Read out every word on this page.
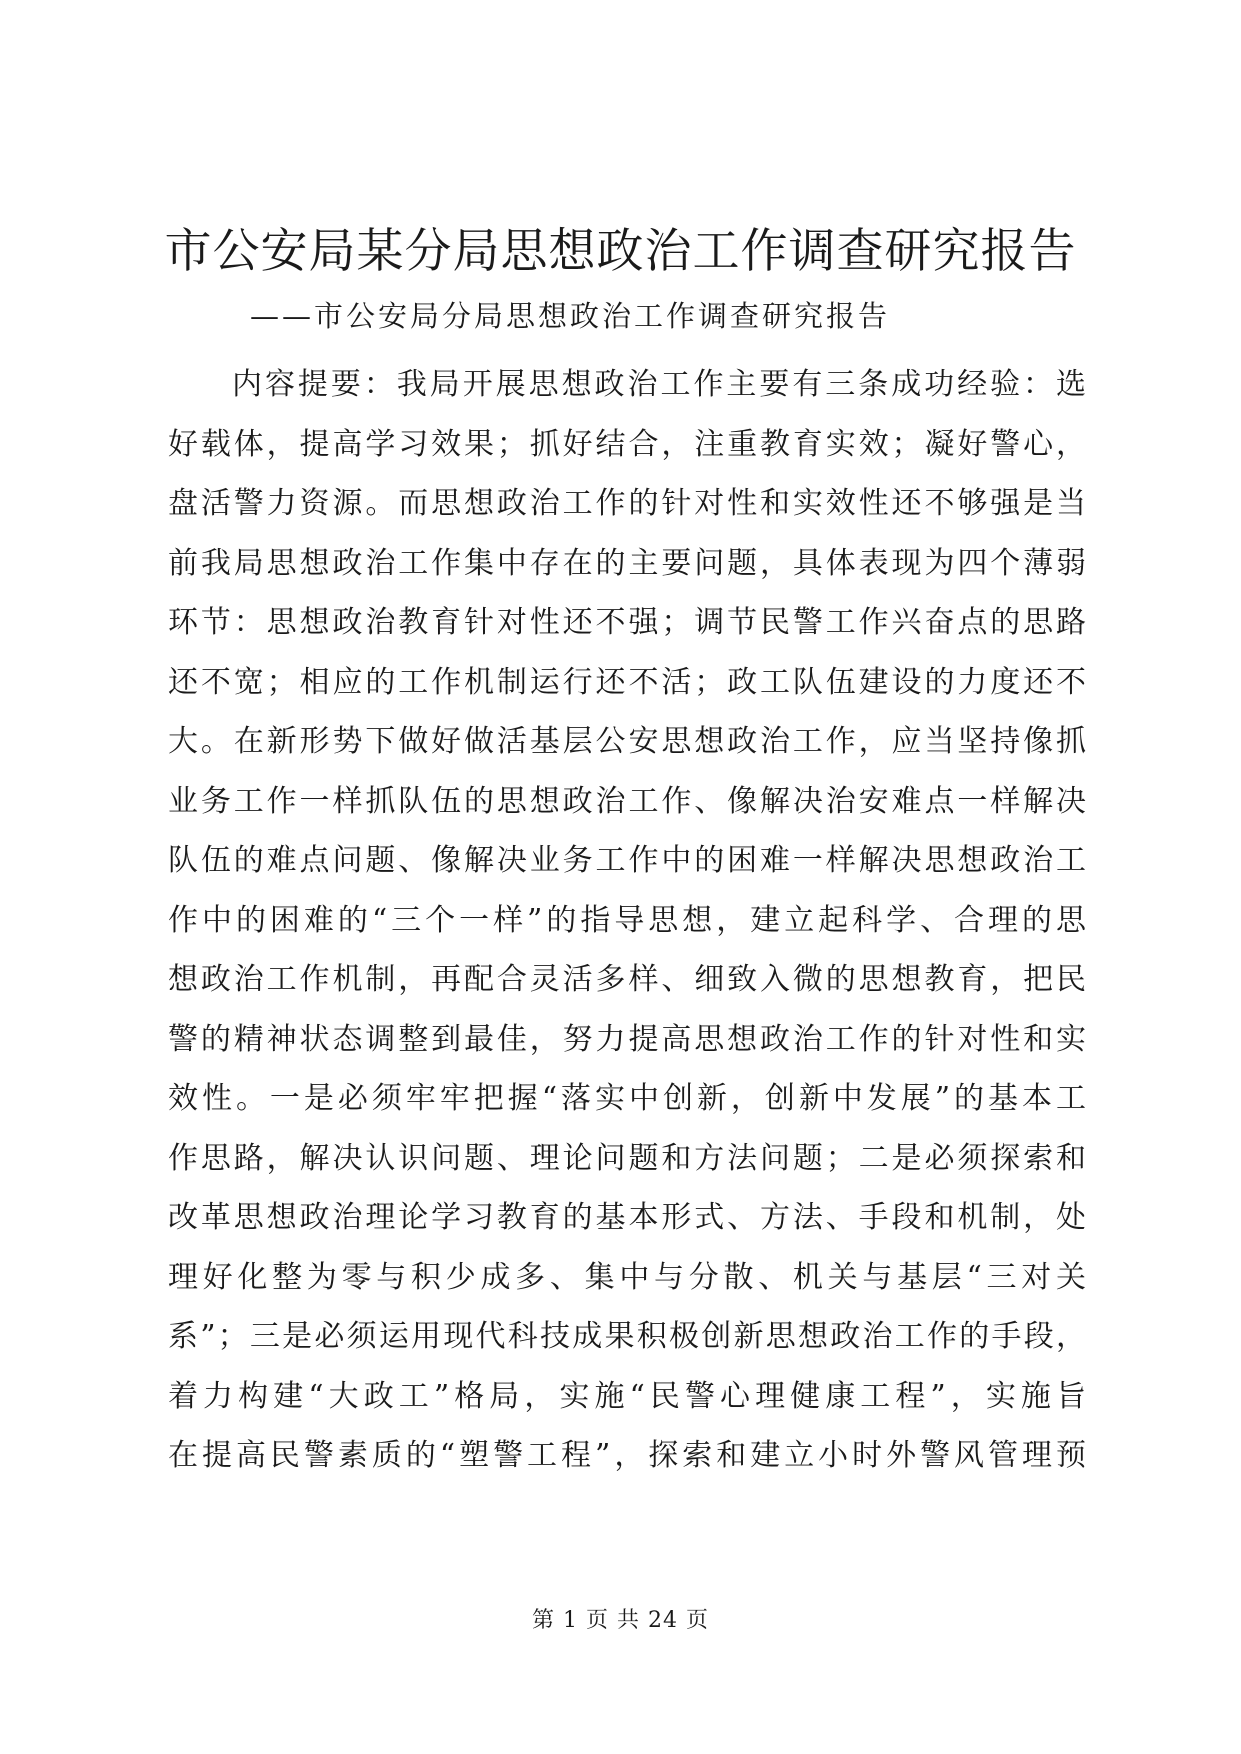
市公安局某分局思想政治工作调查研究报告
——市公安局分局思想政治工作调查研究报告
内容提要：我局开展思想政治工作主要有三条成功经验：选
好载体，提高学习效果；抓好结合，注重教育实效；凝好警心，
盘活警力资源。而思想政治工作的针对性和实效性还不够强是当
前我局思想政治工作集中存在的主要问题，具体表现为四个薄弱
环节：思想政治教育针对性还不强；调节民警工作兴奋点的思路
还不宽；相应的工作机制运行还不活；政工队伍建设的力度还不
大。在新形势下做好做活基层公安思想政治工作，应当坚持像抓
业务工作一样抓队伍的思想政治工作、像解决治安难点一样解决
队伍的难点问题、像解决业务工作中的困难一样解决思想政治工
作中的困难的“三个一样”的指导思想，建立起科学、合理的思
想政治工作机制，再配合灵活多样、细致入微的思想教育，把民
警的精神状态调整到最佳，努力提高思想政治工作的针对性和实
效性。一是必须牢牢把握“落实中创新，创新中发展”的基本工
作思路，解决认识问题、理论问题和方法问题；二是必须探索和
改革思想政治理论学习教育的基本形式、方法、手段和机制，处
理好化整为零与积少成多、集中与分散、机关与基层“三对关
系”；三是必须运用现代科技成果积极创新思想政治工作的手段，
着力构建“大政工”格局，实施“民警心理健康工程”，实施旨
在提高民警素质的“塑警工程”，探索和建立小时外警风管理预
第 1 页 共 24 页
